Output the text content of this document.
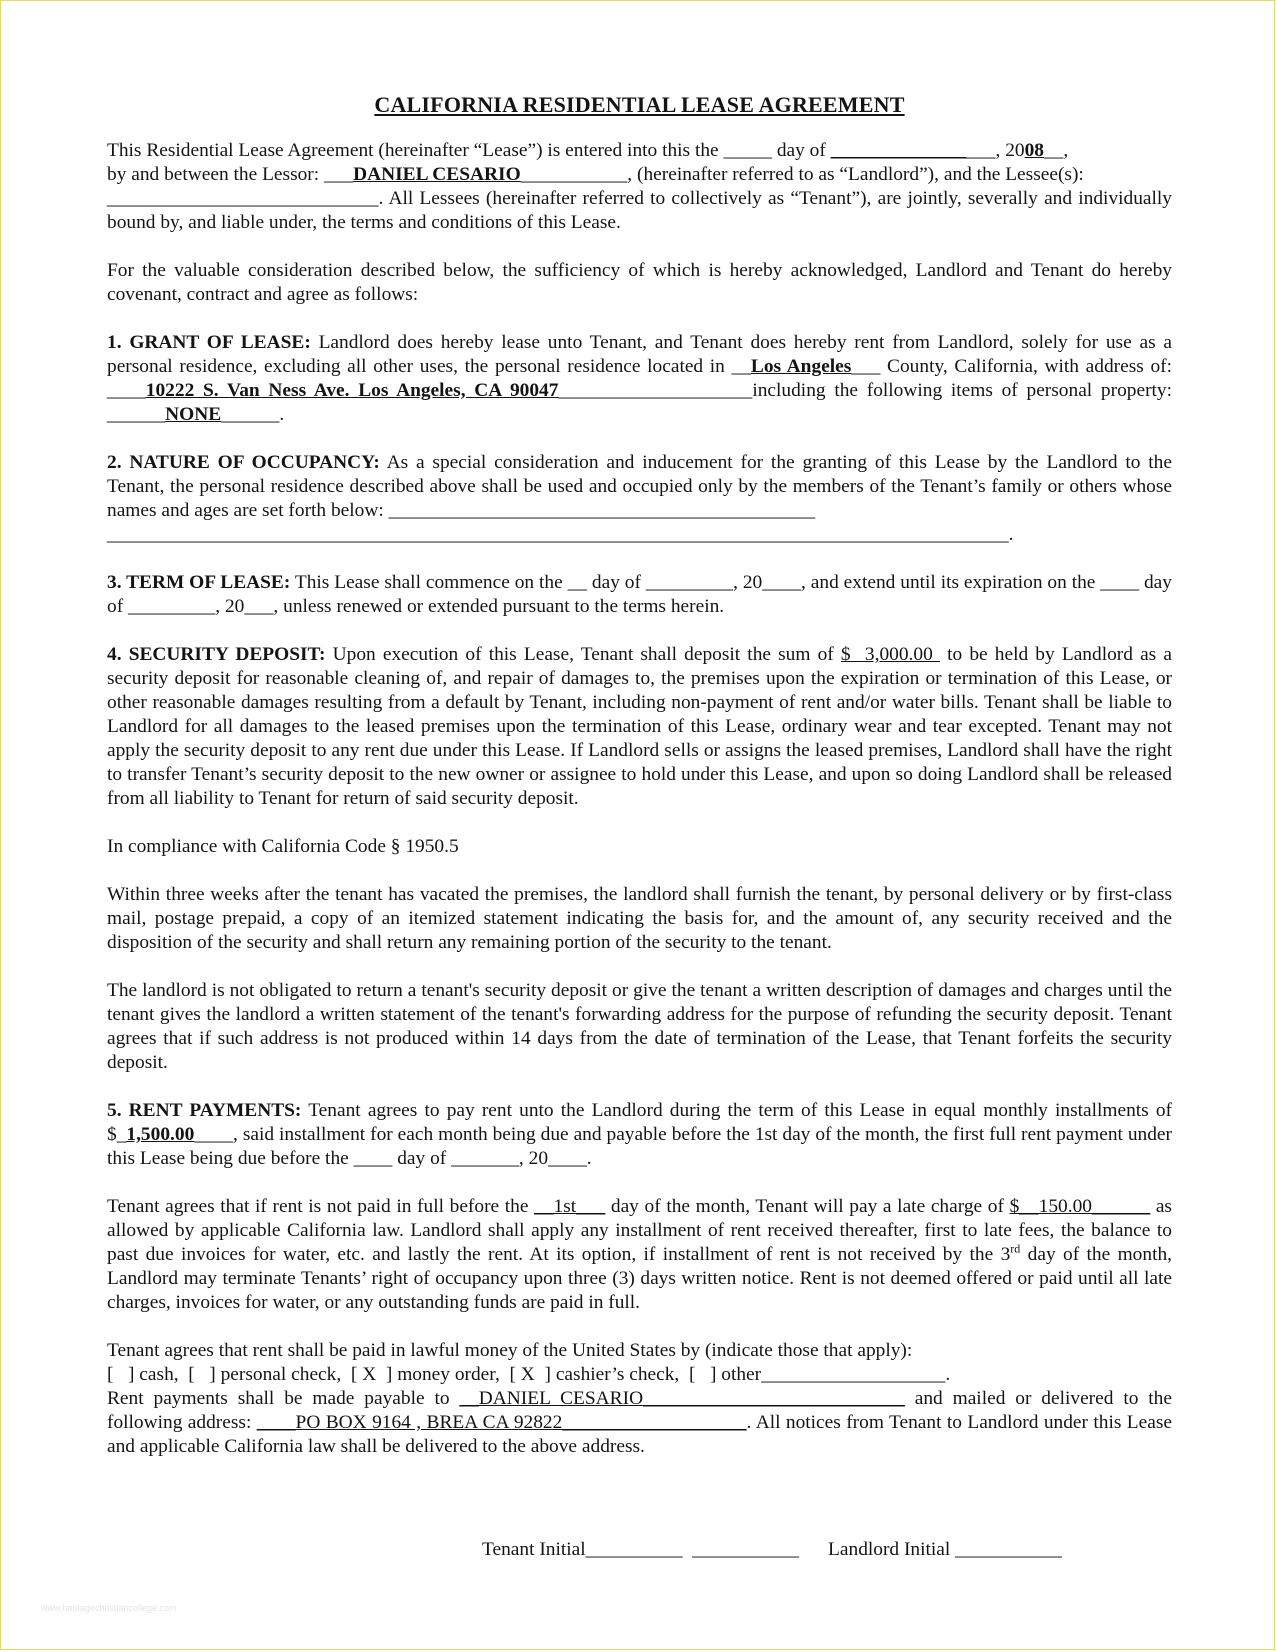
CALIFORNIA RESIDENTIAL LEASE AGREEMENT

This Residential Lease Agreement (hereinafter “Lease”) is entered into this the _____ day of _________________, 2008__,
by and between the Lessor: ___DANIEL CESARIO___________, (hereinafter referred to as “Landlord”), and the Lessee(s):
____________________________. All Lessees (hereinafter referred to collectively as “Tenant”), are jointly, severally and individually bound by, and liable under, the terms and conditions of this Lease.

For the valuable consideration described below, the sufficiency of which is hereby acknowledged, Landlord and Tenant do hereby covenant, contract and agree as follows:

1. GRANT OF LEASE: Landlord does hereby lease unto Tenant, and Tenant does hereby rent from Landlord, solely for use as a personal residence, excluding all other uses, the personal residence located in __Los Angeles___ County, California, with address of: ____10222 S. Van Ness Ave. Los Angeles, CA 90047____________________including the following items of personal property: ______NONE______.

2. NATURE OF OCCUPANCY: As a special consideration and inducement for the granting of this Lease by the Landlord to the Tenant, the personal residence described above shall be used and occupied only by the members of the Tenant’s family or others whose names and ages are set forth below: ____________________________________________
_____________________________________________________________________________________________.

3. TERM OF LEASE: This Lease shall commence on the __ day of _________, 20____, and extend until its expiration on the ____ day of _________, 20___, unless renewed or extended pursuant to the terms herein.

4. SECURITY DEPOSIT: Upon execution of this Lease, Tenant shall deposit the sum of $  3,000.00  to be held by Landlord as a security deposit for reasonable cleaning of, and repair of damages to, the premises upon the expiration or termination of this Lease, or other reasonable damages resulting from a default by Tenant, including non-payment of rent and/or water bills. Tenant shall be liable to Landlord for all damages to the leased premises upon the termination of this Lease, ordinary wear and tear excepted. Tenant may not apply the security deposit to any rent due under this Lease. If Landlord sells or assigns the leased premises, Landlord shall have the right to transfer Tenant’s security deposit to the new owner or assignee to hold under this Lease, and upon so doing Landlord shall be released from all liability to Tenant for return of said security deposit.

In compliance with California Code § 1950.5

Within three weeks after the tenant has vacated the premises, the landlord shall furnish the tenant, by personal delivery or by first-class mail, postage prepaid, a copy of an itemized statement indicating the basis for, and the amount of, any security received and the disposition of the security and shall return any remaining portion of the security to the tenant.

The landlord is not obligated to return a tenant's security deposit or give the tenant a written description of damages and charges until the tenant gives the landlord a written statement of the tenant's forwarding address for the purpose of refunding the security deposit. Tenant agrees that if such address is not produced within 14 days from the date of termination of the Lease, that Tenant forfeits the security deposit.

5. RENT PAYMENTS: Tenant agrees to pay rent unto the Landlord during the term of this Lease in equal monthly installments of $_1,500.00____, said installment for each month being due and payable before the 1st day of the month, the first full rent payment under this Lease being due before the ____ day of _______, 20____.

Tenant agrees that if rent is not paid in full before the __1st___ day of the month, Tenant will pay a late charge of $__150.00______ as allowed by applicable California law. Landlord shall apply any installment of rent received thereafter, first to late fees, the balance to past due invoices for water, etc. and lastly the rent. At its option, if installment of rent is not received by the 3rd day of the month, Landlord may terminate Tenants’ right of occupancy upon three (3) days written notice. Rent is not deemed offered or paid until all late charges, invoices for water, or any outstanding funds are paid in full.

Tenant agrees that rent shall be paid in lawful money of the United States by (indicate those that apply):
[   ] cash,  [   ] personal check,  [ X  ] money order,  [ X  ] cashier’s check,  [   ] other___________________.
Rent payments shall be made payable to __DANIEL CESARIO___________________________ and mailed or delivered to the following address: ____PO BOX 9164 , BREA CA 92822___________________. All notices from Tenant to Landlord under this Lease and applicable California law shall be delivered to the above address.

Tenant Initial__________ ___________ Landlord Initial ___________
www.heritagechristiancollege.com
